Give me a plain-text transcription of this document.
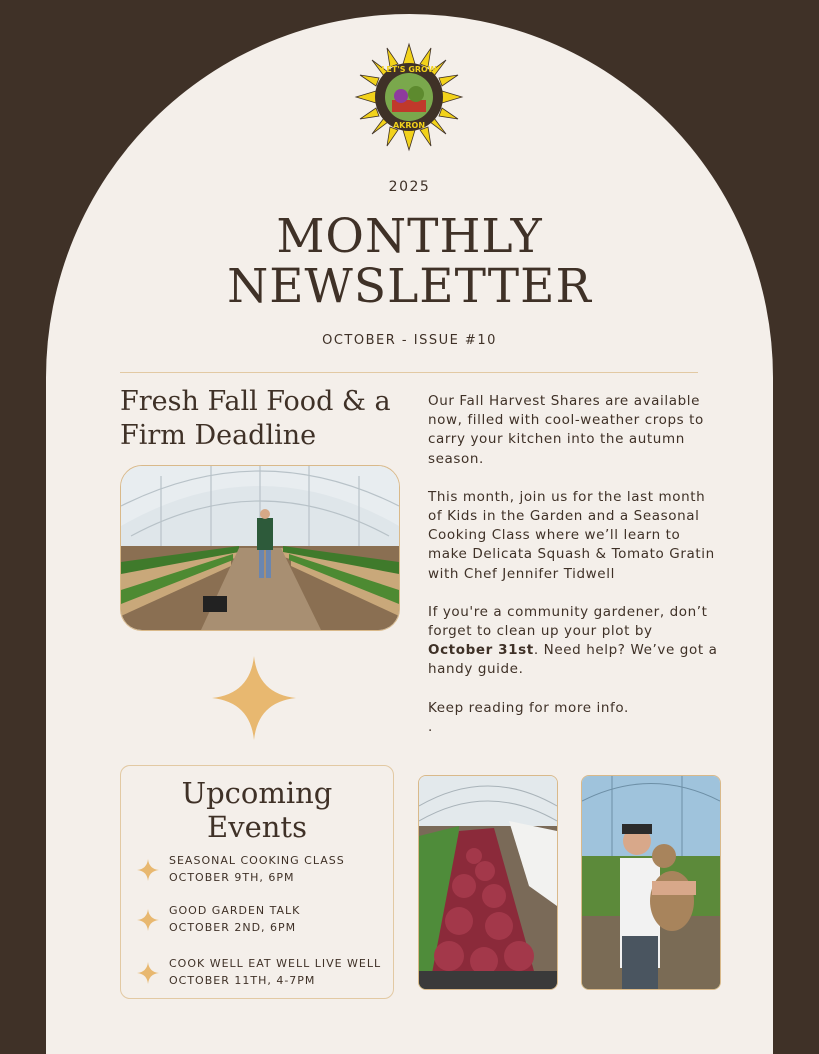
LET'S GROW
AKRON
2025
MONTHLY
NEWSLETTER
OCTOBER - ISSUE #10
Fresh Fall Food & a Firm Deadline

Our Fall Harvest Shares are available now, filled with cool-weather crops to carry your kitchen into the autumn season.

This month, join us for the last month of Kids in the Garden and a Seasonal Cooking Class where we’ll learn to make Delicata Squash & Tomato Gratin with Chef Jennifer Tidwell

If you're a community gardener, don’t forget to clean up your plot by October 31st. Need help? We’ve got a handy guide.

Keep reading for more info.

.

Upcoming
Events
SEASONAL COOKING CLASS
OCTOBER 9TH, 6PM
GOOD GARDEN TALK
OCTOBER 2ND, 6PM
COOK WELL EAT WELL LIVE WELL
OCTOBER 11TH, 4-7PM
